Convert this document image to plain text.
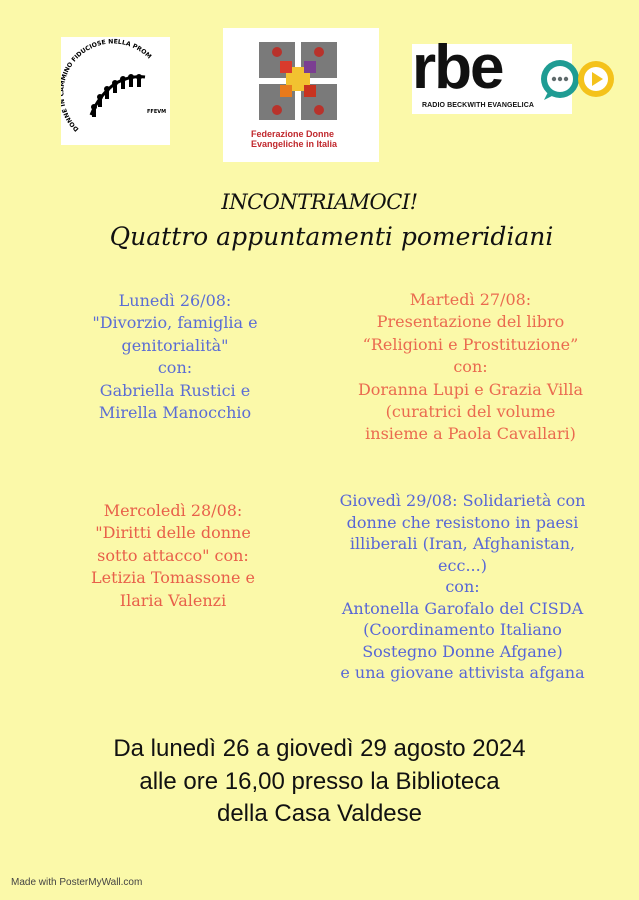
DONNE INO FIDUCIOSE NELLA PROM
FFEVM
Federazione Donne
Evangeliche in Italia
rbe
RADIO BECKWITH EVANGELICA
INCONTRIAMOCI!
Quattro appuntamenti pomeridiani
Lunedì 26/08:
"Divorzio, famiglia e
genitorialità"
con:
Gabriella Rustici e
Mirella Manocchio
Martedì 27/08:
Presentazione del libro
“Religioni e Prostituzione”
con:
Doranna Lupi e Grazia Villa
(curatrici del volume
insieme a Paola Cavallari)
Mercoledì 28/08:
"Diritti delle donne
sotto attacco" con:
Letizia Tomassone e
Ilaria Valenzi
Giovedì 29/08: Solidarietà con
donne che resistono in paesi
illiberali (Iran, Afghanistan,
ecc...)
con:
Antonella Garofalo del CISDA
(Coordinamento Italiano
Sostegno Donne Afgane)
e una giovane attivista afgana
Da lunedì 26 a giovedì 29 agosto 2024
alle ore 16,00 presso la Biblioteca
della Casa Valdese
Made with PosterMyWall.com
